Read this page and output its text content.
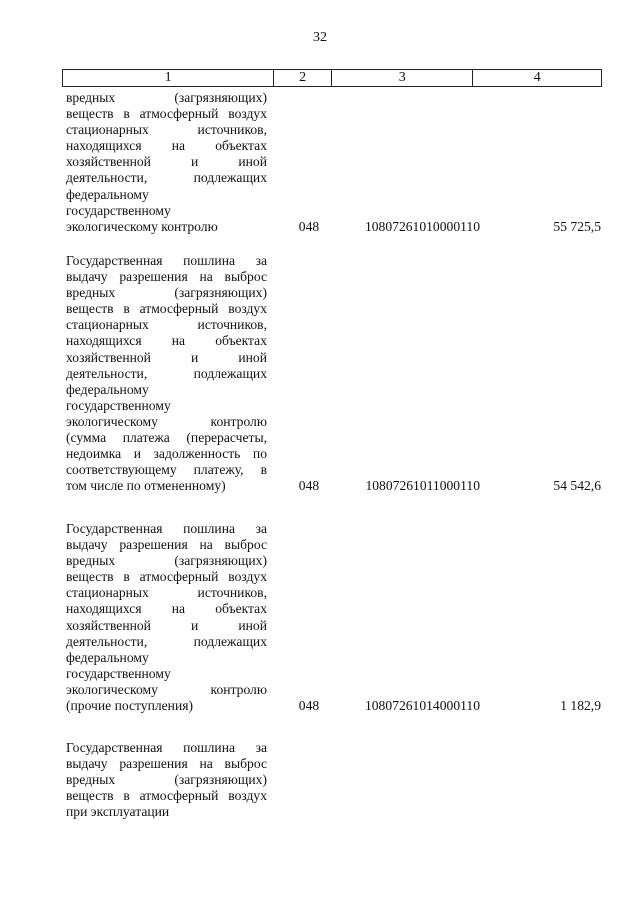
32
1	2	3	4
вредных (загрязняющих)
веществ в атмосферный воздух
стационарных источников,
находящихся на объектах
хозяйственной и иной
деятельности, подлежащих
федеральному
государственному
экологическому контролю	048	10807261010000110	55 725,5
Государственная пошлина за
выдачу разрешения на выброс
вредных (загрязняющих)
веществ в атмосферный воздух
стационарных источников,
находящихся на объектах
хозяйственной и иной
деятельности, подлежащих
федеральному
государственному
экологическому контролю
(сумма платежа (перерасчеты,
недоимка и задолженность по
соответствующему платежу, в
том числе по отмененному)	048	10807261011000110	54 542,6
Государственная пошлина за
выдачу разрешения на выброс
вредных (загрязняющих)
веществ в атмосферный воздух
стационарных источников,
находящихся на объектах
хозяйственной и иной
деятельности, подлежащих
федеральному
государственному
экологическому контролю
(прочие поступления)	048	10807261014000110	1 182,9
Государственная пошлина за
выдачу разрешения на выброс
вредных (загрязняющих)
веществ в атмосферный воздух
при эксплуатации
